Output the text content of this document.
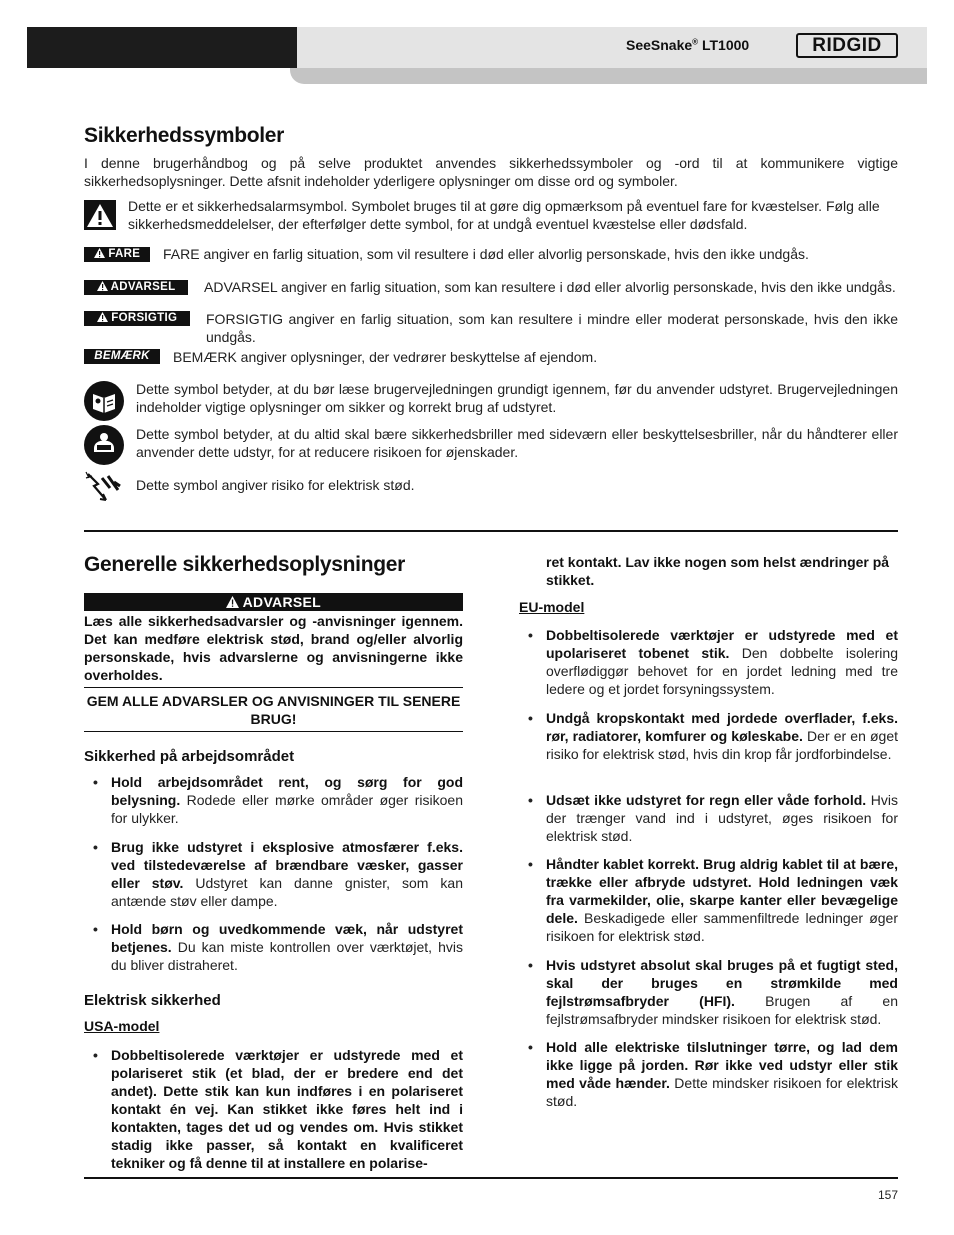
SeeSnake® LT1000	RIDGID
Sikkerhedssymboler

I denne brugerhåndbog og på selve produktet anvendes sikkerhedssymboler og -ord til at kommunikere vigtige sikkerhedsoplysninger. Dette afsnit indeholder yderligere oplysninger om disse ord og symboler.

Dette er et sikkerhedsalarmsymbol. Symbolet bruges til at gøre dig opmærksom på eventuel fare for kvæstelser. Følg alle sikkerhedsmeddelelser, der efterfølger dette symbol, for at undgå eventuel kvæstelse eller dødsfald.

FARE	FARE angiver en farlig situation, som vil resultere i død eller alvorlig personskade, hvis den ikke undgås.

ADVARSEL	ADVARSEL angiver en farlig situation, som kan resultere i død eller alvorlig personskade, hvis den ikke undgås.

FORSIGTIG	FORSIGTIG angiver en farlig situation, som kan resultere i mindre eller moderat personskade, hvis den ikke undgås.

BEMÆRK	BEMÆRK angiver oplysninger, der vedrører beskyttelse af ejendom.

Dette symbol betyder, at du bør læse brugervejledningen grundigt igennem, før du anvender udstyret. Brugervejledningen indeholder vigtige oplysninger om sikker og korrekt brug af udstyret.

Dette symbol betyder, at du altid skal bære sikkerhedsbriller med sideværn eller beskyttelsesbriller, når du håndterer eller anvender dette udstyr, for at reducere risikoen for øjenskader.

Dette symbol angiver risiko for elektrisk stød.

Generelle sikkerhedsoplysninger
ADVARSEL

Læs alle sikkerhedsadvarsler og -anvisninger igennem. Det kan medføre elektrisk stød, brand og/eller alvorlig personskade, hvis advarslerne og anvisningerne ikke overholdes.

GEM ALLE ADVARSLER OG ANVISNINGER TIL SENERE BRUG!

Sikkerhed på arbejdsområdet

• Hold arbejdsområdet rent, og sørg for god belysning. Rodede eller mørke områder øger risikoen for ulykker.

• Brug ikke udstyret i eksplosive atmosfærer f.eks. ved tilstedeværelse af brændbare væsker, gasser eller støv. Udstyret kan danne gnister, som kan antænde støv eller dampe.

• Hold børn og uvedkommende væk, når udstyret betjenes. Du kan miste kontrollen over værktøjet, hvis du bliver distraheret.

Elektrisk sikkerhed
USA-model

• Dobbeltisolerede værktøjer er udstyrede med et polariseret stik (et blad, der er bredere end det andet). Dette stik kan kun indføres i en polariseret kontakt én vej. Kan stikket ikke føres helt ind i kontakten, tages det ud og vendes om. Hvis stikket stadig ikke passer, så kontakt en kvalificeret tekniker og få denne til at installere en polarise-

ret kontakt. Lav ikke nogen som helst ændringer på stikket.

EU-model

• Dobbeltisolerede værktøjer er udstyrede med et upolariseret tobenet stik. Den dobbelte isolering overflødiggør behovet for en jordet ledning med tre ledere og et jordet forsyningssystem.

• Undgå kropskontakt med jordede overflader, f.eks. rør, radiatorer, komfurer og køleskabe. Der er en øget risiko for elektrisk stød, hvis din krop får jordforbindelse.

• Udsæt ikke udstyret for regn eller våde forhold. Hvis der trænger vand ind i udstyret, øges risikoen for elektrisk stød.

• Håndter kablet korrekt. Brug aldrig kablet til at bære, trække eller afbryde udstyret. Hold ledningen væk fra varmekilder, olie, skarpe kanter eller bevægelige dele. Beskadigede eller sammenfiltrede ledninger øger risikoen for elektrisk stød.

• Hvis udstyret absolut skal bruges på et fugtigt sted, skal der bruges en strømkilde med fejlstrømsafbryder (HFI). Brugen af en fejlstrømsafbryder mindsker risikoen for elektrisk stød.

• Hold alle elektriske tilslutninger tørre, og lad dem ikke ligge på jorden. Rør ikke ved udstyr eller stik med våde hænder. Dette mindsker risikoen for elektrisk stød.

157
